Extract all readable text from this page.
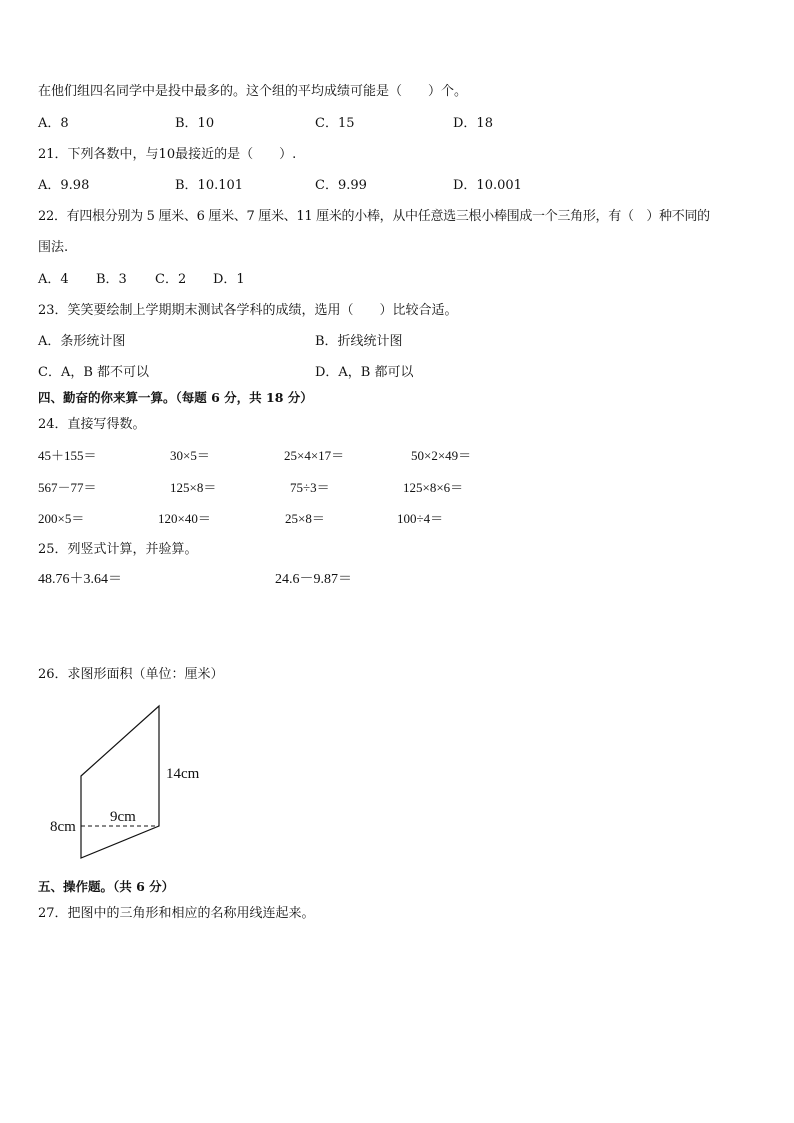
在他们组四名同学中是投中最多的。这个组的平均成绩可能是（　　）个。
A．8	B．10	C．15	D．18
21．下列各数中，与10最接近的是（　　）.
A．9.98	B．10.101	C．9.99	D．10.001
22．有四根分别为 5 厘米、6 厘米、7 厘米、11 厘米的小棒，从中任意选三根小棒围成一个三角形，有（　）种不同的
围法.
A．4 B．3 C．2 D．1
23．笑笑要绘制上学期期末测试各学科的成绩，选用（　　）比较合适。
A．条形统计图	B．折线统计图
C．A，B 都不可以	D．A，B 都可以
四、勤奋的你来算一算。（每题 6 分，共 18 分）
24．直接写得数。
45＋155＝	30×5＝	25×4×17＝	50×2×49＝
567－77＝	125×8＝	75÷3＝	125×8×6＝
200×5＝	120×40＝	25×8＝	100÷4＝
25．列竖式计算，并验算。
48.76＋3.64＝	24.6－9.87＝
26．求图形面积（单位：厘米）
14cm
9cm
8cm
五、操作题。（共 6 分）
27．把图中的三角形和相应的名称用线连起来。
